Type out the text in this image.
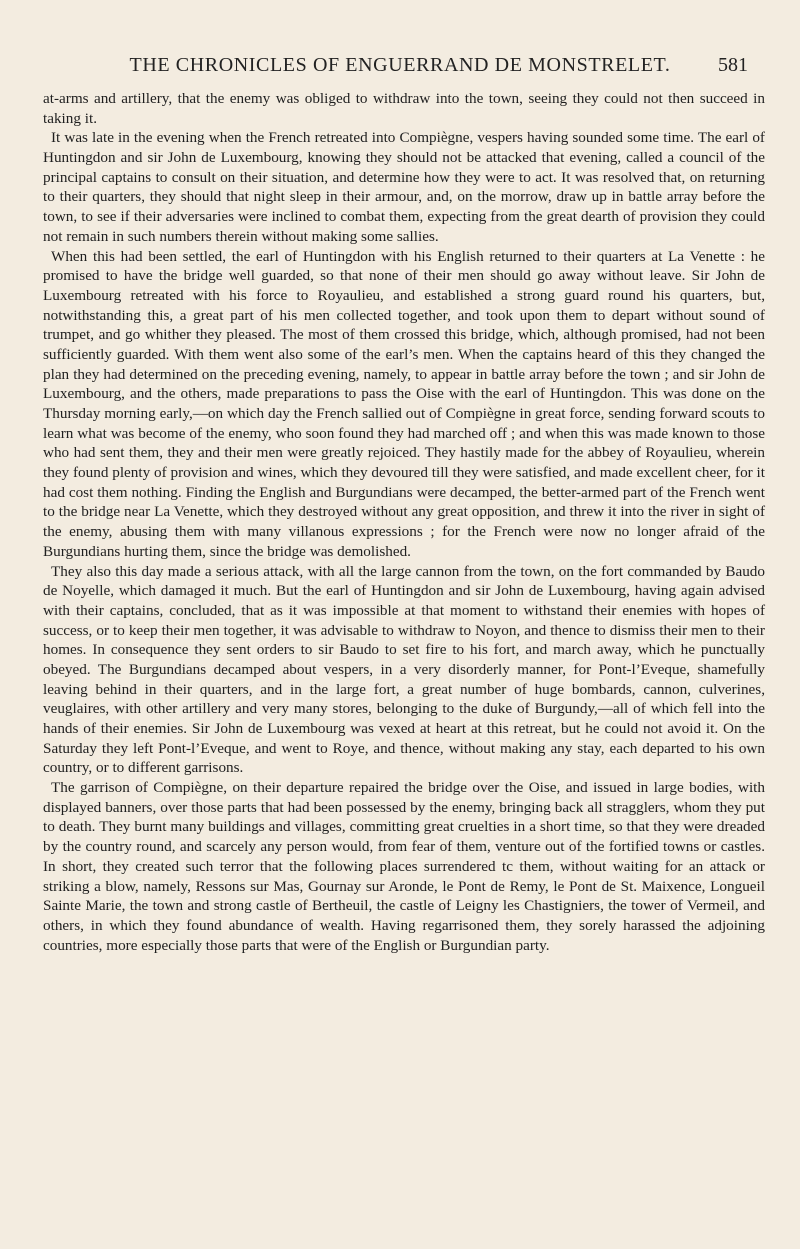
THE CHRONICLES OF ENGUERRAND DE MONSTRELET.	581

at-arms and artillery, that the enemy was obliged to withdraw into the town, seeing they could not then succeed in taking it.

It was late in the evening when the French retreated into Compiègne, vespers having sounded some time. The earl of Huntingdon and sir John de Luxembourg, knowing they should not be attacked that evening, called a council of the principal captains to consult on their situation, and determine how they were to act. It was resolved that, on returning to their quarters, they should that night sleep in their armour, and, on the morrow, draw up in battle array before the town, to see if their adversaries were inclined to combat them, expecting from the great dearth of provision they could not remain in such numbers therein without making some sallies.

When this had been settled, the earl of Huntingdon with his English returned to their quarters at La Venette : he promised to have the bridge well guarded, so that none of their men should go away without leave. Sir John de Luxembourg retreated with his force to Royaulieu, and established a strong guard round his quarters, but, notwithstanding this, a great part of his men collected together, and took upon them to depart without sound of trumpet, and go whither they pleased. The most of them crossed this bridge, which, although promised, had not been sufficiently guarded. With them went also some of the earl’s men. When the captains heard of this they changed the plan they had determined on the preceding evening, namely, to appear in battle array before the town ; and sir John de Luxembourg, and the others, made preparations to pass the Oise with the earl of Huntingdon. This was done on the Thursday morning early,—on which day the French sallied out of Compiègne in great force, sending forward scouts to learn what was become of the enemy, who soon found they had marched off ; and when this was made known to those who had sent them, they and their men were greatly rejoiced. They hastily made for the abbey of Royaulieu, wherein they found plenty of provision and wines, which they devoured till they were satisfied, and made excellent cheer, for it had cost them nothing. Finding the English and Burgundians were decamped, the better-armed part of the French went to the bridge near La Venette, which they destroyed without any great opposition, and threw it into the river in sight of the enemy, abusing them with many villanous expressions ; for the French were now no longer afraid of the Burgundians hurting them, since the bridge was demolished.

They also this day made a serious attack, with all the large cannon from the town, on the fort commanded by Baudo de Noyelle, which damaged it much. But the earl of Huntingdon and sir John de Luxembourg, having again advised with their captains, concluded, that as it was impossible at that moment to withstand their enemies with hopes of success, or to keep their men together, it was advisable to withdraw to Noyon, and thence to dismiss their men to their homes. In consequence they sent orders to sir Baudo to set fire to his fort, and march away, which he punctually obeyed. The Burgundians decamped about vespers, in a very disorderly manner, for Pont-l’Eveque, shamefully leaving behind in their quarters, and in the large fort, a great number of huge bombards, cannon, culverines, veuglaires, with other artillery and very many stores, belonging to the duke of Burgundy,—all of which fell into the hands of their enemies. Sir John de Luxembourg was vexed at heart at this retreat, but he could not avoid it. On the Saturday they left Pont-l’Eveque, and went to Roye, and thence, without making any stay, each departed to his own country, or to different garrisons.

The garrison of Compiègne, on their departure repaired the bridge over the Oise, and issued in large bodies, with displayed banners, over those parts that had been possessed by the enemy, bringing back all stragglers, whom they put to death. They burnt many buildings and villages, committing great cruelties in a short time, so that they were dreaded by the country round, and scarcely any person would, from fear of them, venture out of the fortified towns or castles. In short, they created such terror that the following places surrendered tc them, without waiting for an attack or striking a blow, namely, Ressons sur Mas, Gournay sur Aronde, le Pont de Remy, le Pont de St. Maixence, Longueil Sainte Marie, the town and strong castle of Bertheuil, the castle of Leigny les Chastigniers, the tower of Vermeil, and others, in which they found abundance of wealth. Having regarrisoned them, they sorely harassed the adjoining countries, more especially those parts that were of the English or Burgundian party.
